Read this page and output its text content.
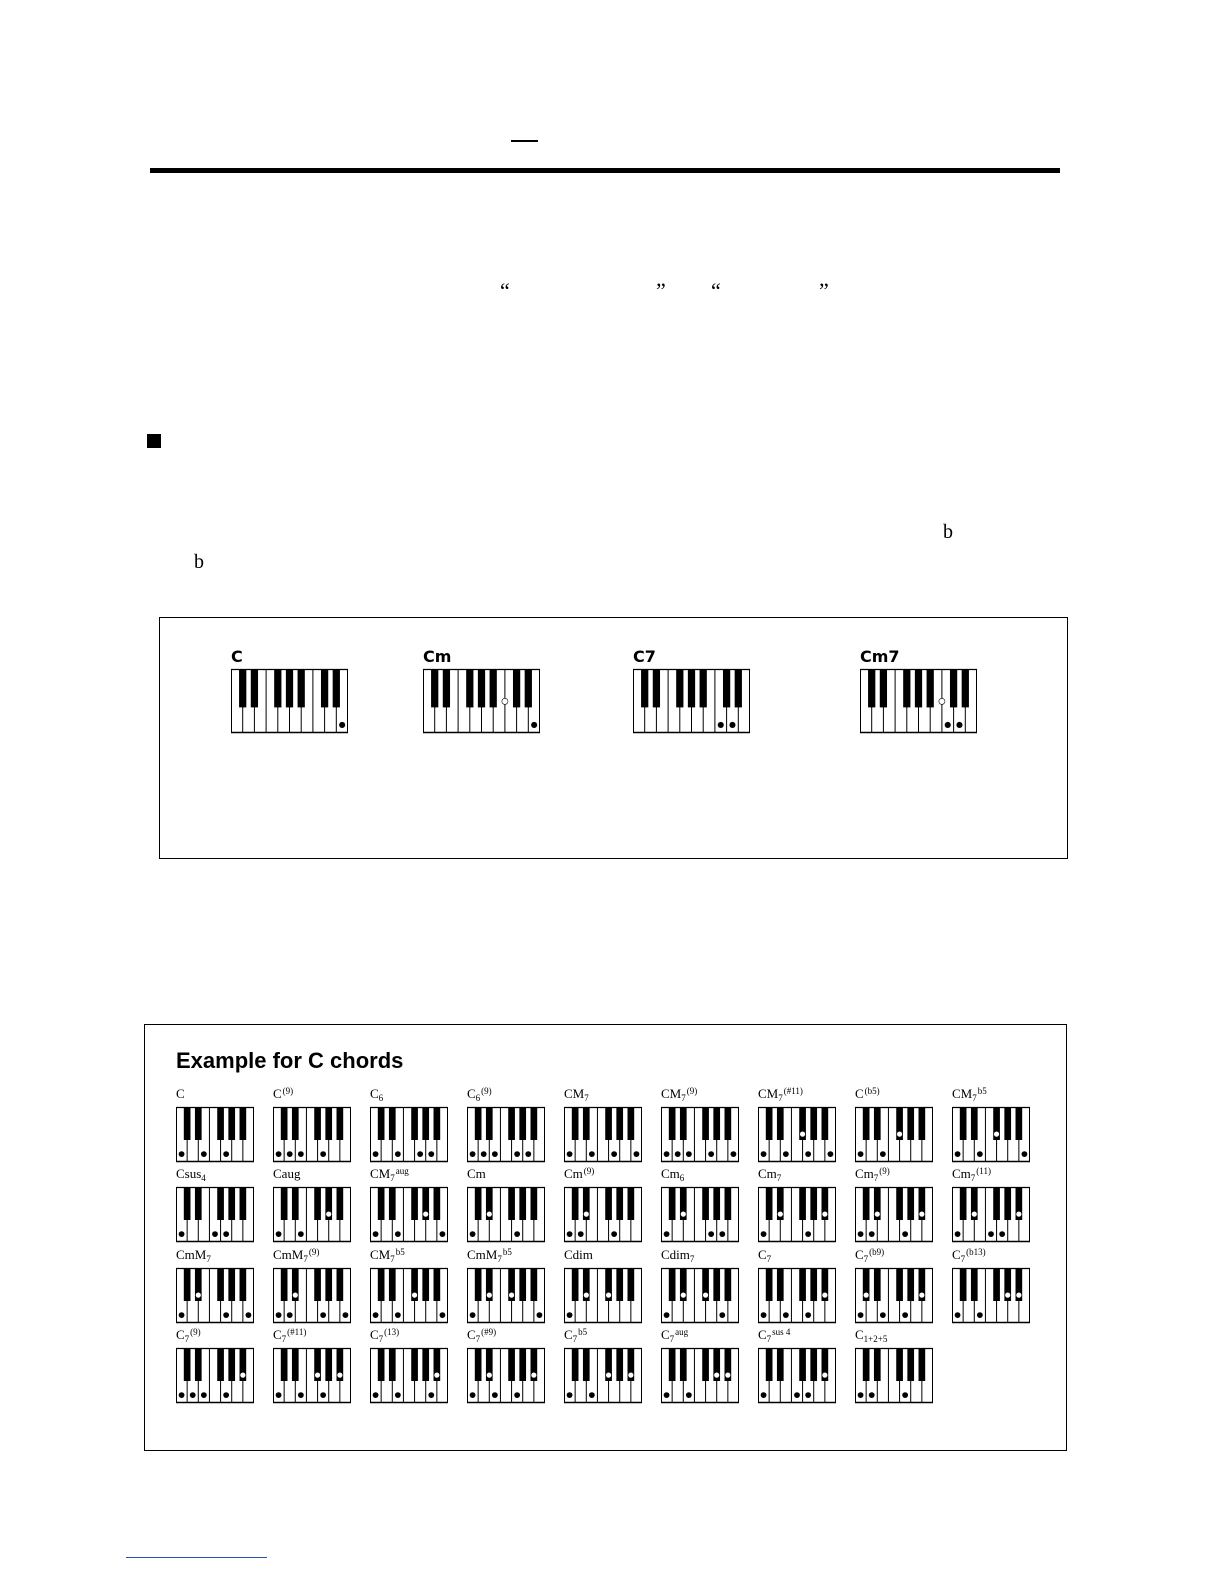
“	” “	”
b
b
C	Cm	C7	Cm7
Example for C chords
C	$C^{(9)}$	$C_6$	$C_6^{(9)}$	$CM_7$	$CM_7^{(9)}$	$CM_7^{(\#11)}$	$C^{(b5)}$	$CM_7^{b5}$
Csus$_4$	Caug	$CM_7^{aug}$	Cm	Cm$^{(9)}$	$Cm_6$	$Cm_7$	$Cm_7^{(9)}$	$Cm_7^{(11)}$
CmM$_7$	CmM$_7^{(9)}$	$CM_7^{b5}$	CmM$_7^{b5}$	Cdim	Cdim$_7$	$C_7$	$C_7^{(b9)}$	$C_7^{(b13)}$
$C_7^{(9)}$	$C_7^{(\#11)}$	$C_7^{(13)}$	$C_7^{(\#9)}$	$C_7^{b5}$	$C_7^{aug}$	$C_7^{sus 4}$	$C_{1+2+5}$
